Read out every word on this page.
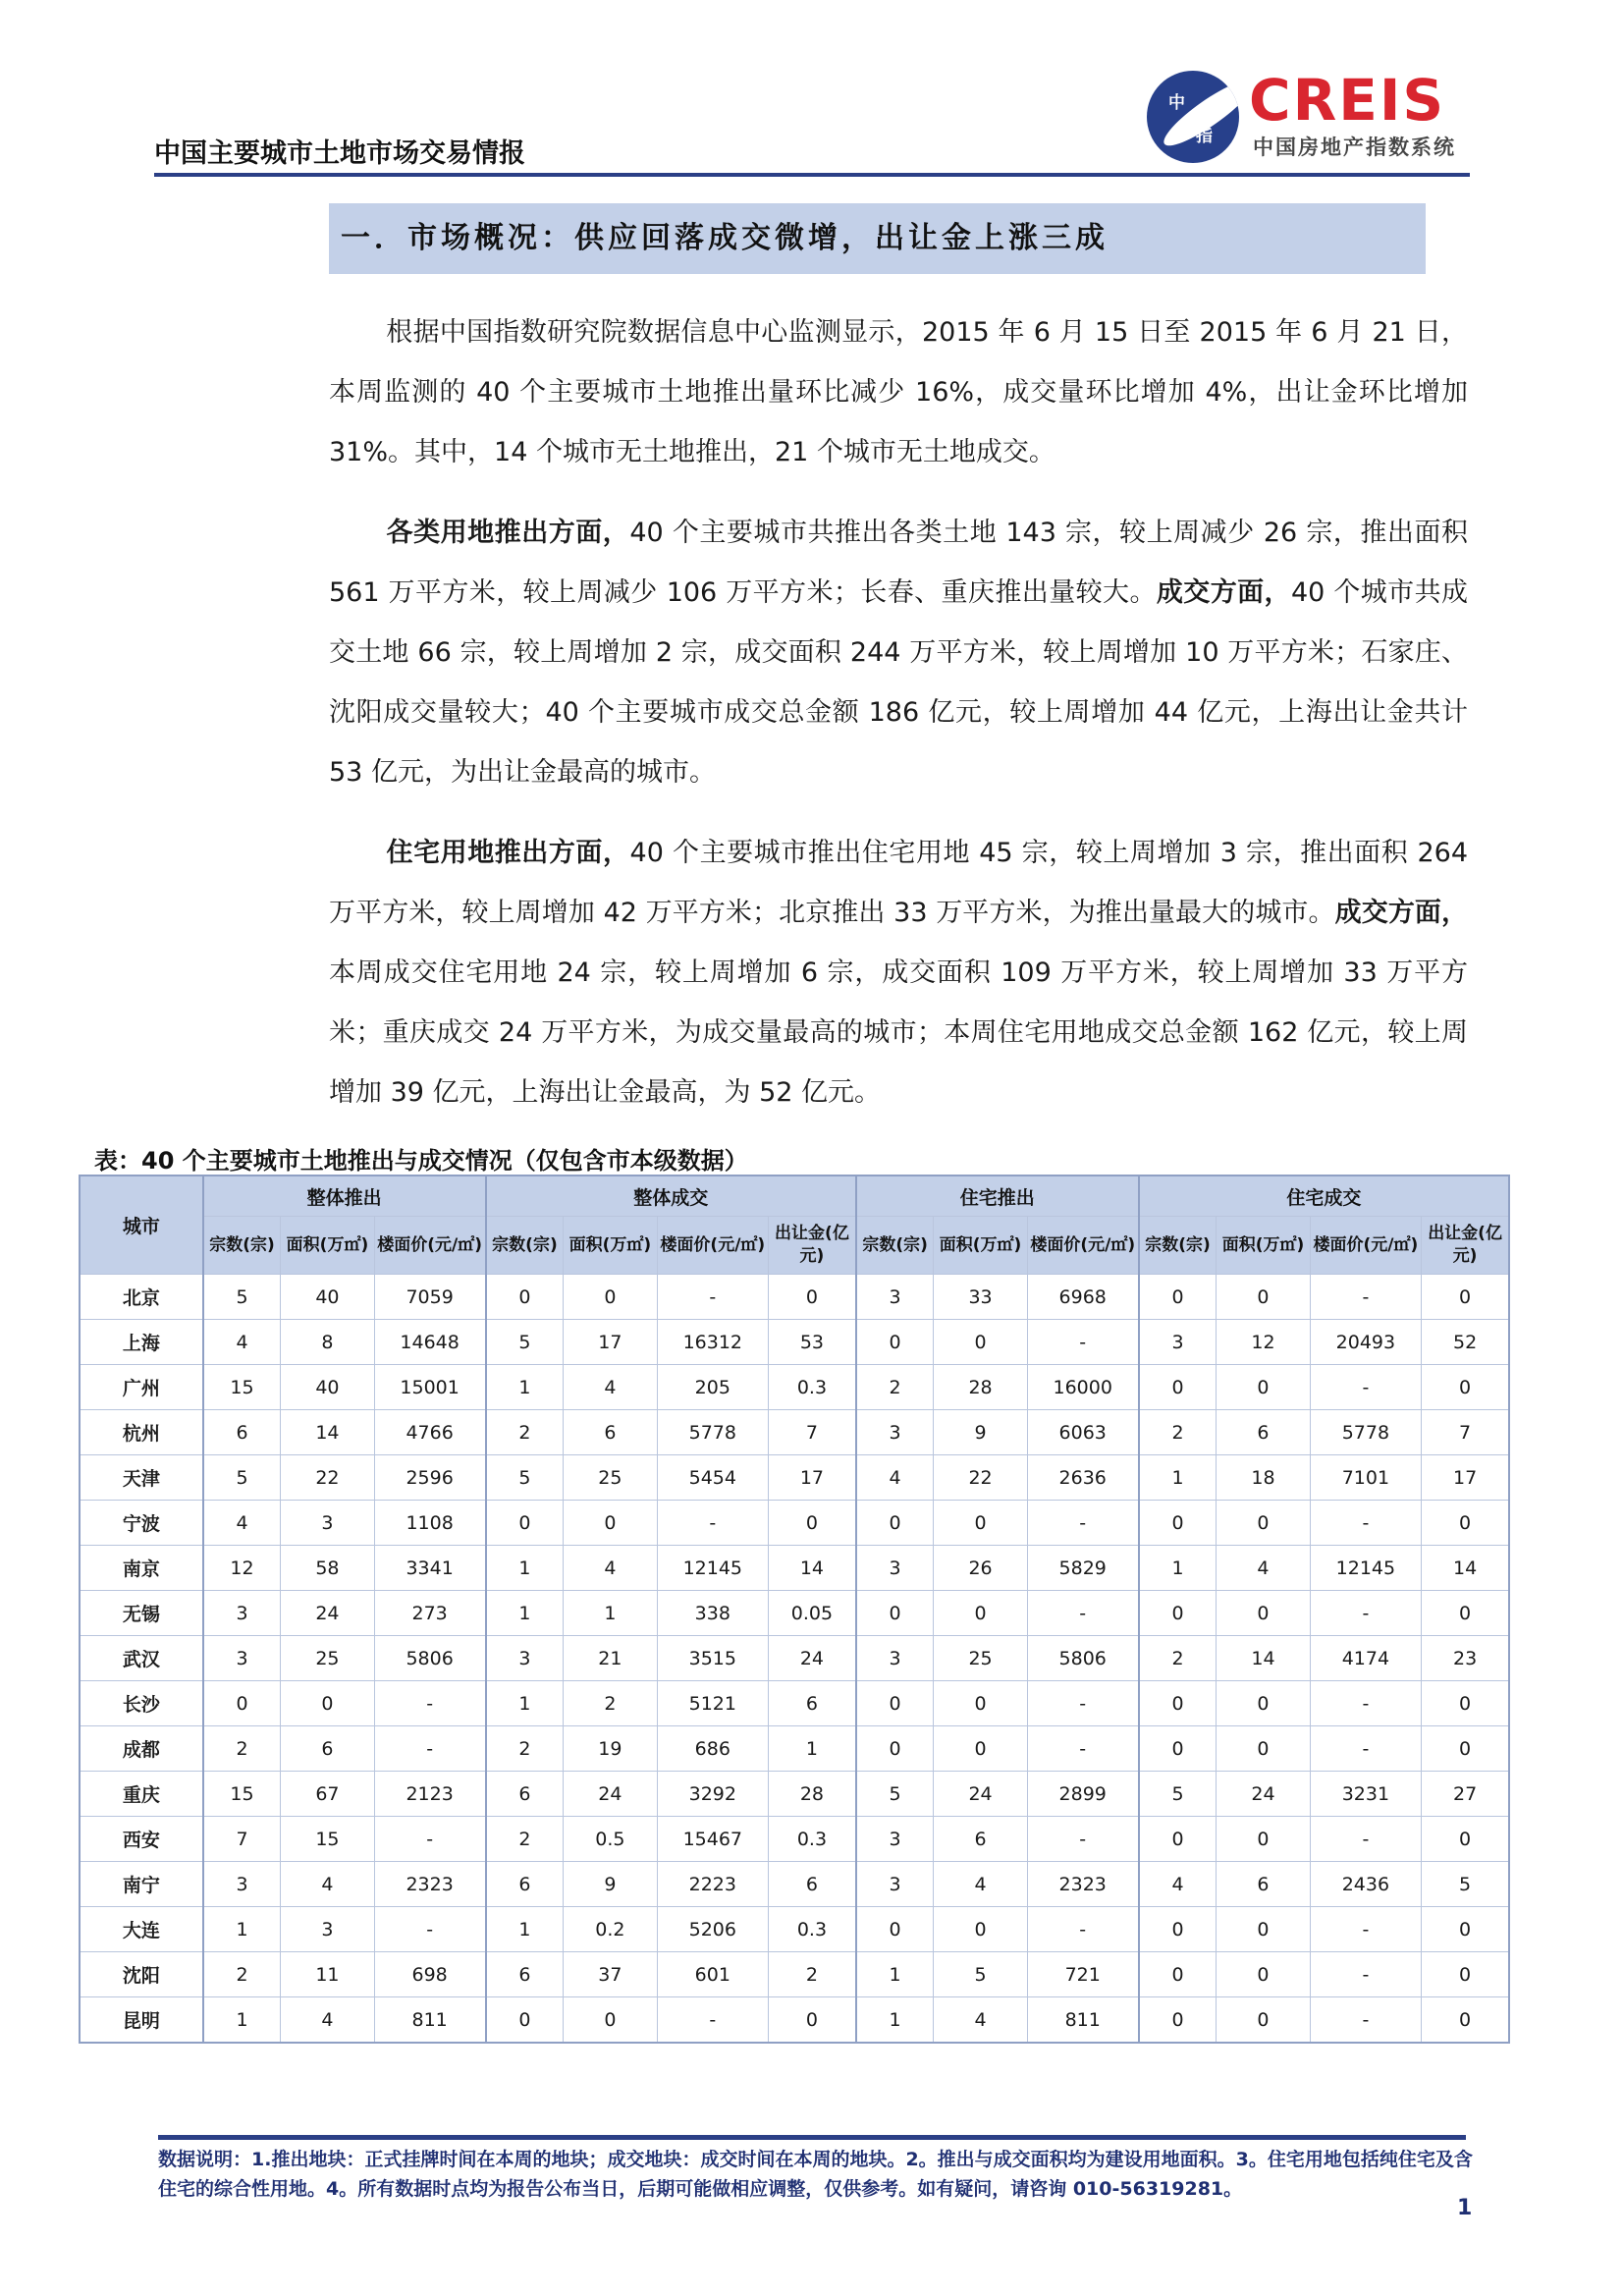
中国主要城市土地市场交易情报
中
指
CREIS
中国房地产指数系统
一．市场概况：供应回落成交微增，出让金上涨三成
根据中国指数研究院数据信息中心监测显示，2015 年 6 月 15 日至 2015 年 6 月 21 日，本周监测的 40 个主要城市土地推出量环比减少 16%，成交量环比增加 4%，出让金环比增加 31%。其中，14 个城市无土地推出，21 个城市无土地成交。
各类用地推出方面，40 个主要城市共推出各类土地 143 宗，较上周减少 26 宗，推出面积 561 万平方米，较上周减少 106 万平方米；长春、重庆推出量较大。成交方面，40 个城市共成交土地 66 宗，较上周增加 2 宗，成交面积 244 万平方米，较上周增加 10 万平方米；石家庄、沈阳成交量较大；40 个主要城市成交总金额 186 亿元，较上周增加 44 亿元，上海出让金共计 53 亿元，为出让金最高的城市。
住宅用地推出方面，40 个主要城市推出住宅用地 45 宗，较上周增加 3 宗，推出面积 264 万平方米，较上周增加 42 万平方米；北京推出 33 万平方米，为推出量最大的城市。成交方面，本周成交住宅用地 24 宗，较上周增加 6 宗，成交面积 109 万平方米，较上周增加 33 万平方米；重庆成交 24 万平方米，为成交量最高的城市；本周住宅用地成交总金额 162 亿元，较上周增加 39 亿元，上海出让金最高，为 52 亿元。
表：40 个主要城市土地推出与成交情况（仅包含市本级数据）
城市	整体推出			整体成交				住宅推出			住宅成交			
	宗数(宗)	面积(万㎡)	楼面价(元/㎡)	宗数(宗)	面积(万㎡)	楼面价(元/㎡)	出让金(亿元)	宗数(宗)	面积(万㎡)	楼面价(元/㎡)	宗数(宗)	面积(万㎡)	楼面价(元/㎡)	出让金(亿元)
北京	5	40	7059	0	0	-	0	3	33	6968	0	0	-	0
上海	4	8	14648	5	17	16312	53	0	0	-	3	12	20493	52
广州	15	40	15001	1	4	205	0.3	2	28	16000	0	0	-	0
杭州	6	14	4766	2	6	5778	7	3	9	6063	2	6	5778	7
天津	5	22	2596	5	25	5454	17	4	22	2636	1	18	7101	17
宁波	4	3	1108	0	0	-	0	0	0	-	0	0	-	0
南京	12	58	3341	1	4	12145	14	3	26	5829	1	4	12145	14
无锡	3	24	273	1	1	338	0.05	0	0	-	0	0	-	0
武汉	3	25	5806	3	21	3515	24	3	25	5806	2	14	4174	23
长沙	0	0	-	1	2	5121	6	0	0	-	0	0	-	0
成都	2	6	-	2	19	686	1	0	0	-	0	0	-	0
重庆	15	67	2123	6	24	3292	28	5	24	2899	5	24	3231	27
西安	7	15	-	2	0.5	15467	0.3	3	6	-	0	0	-	0
南宁	3	4	2323	6	9	2223	6	3	4	2323	4	6	2436	5
大连	1	3	-	1	0.2	5206	0.3	0	0	-	0	0	-	0
沈阳	2	11	698	6	37	601	2	1	5	721	0	0	-	0
昆明	1	4	811	0	0	-	0	1	4	811	0	0	-	0
数据说明：1.推出地块：正式挂牌时间在本周的地块；成交地块：成交时间在本周的地块。2。推出与成交面积均为建设用地面积。3。住宅用地包括纯住宅及含住宅的综合性用地。4。所有数据时点均为报告公布当日，后期可能做相应调整，仅供参考。如有疑问，请咨询 010-56319281。
1
